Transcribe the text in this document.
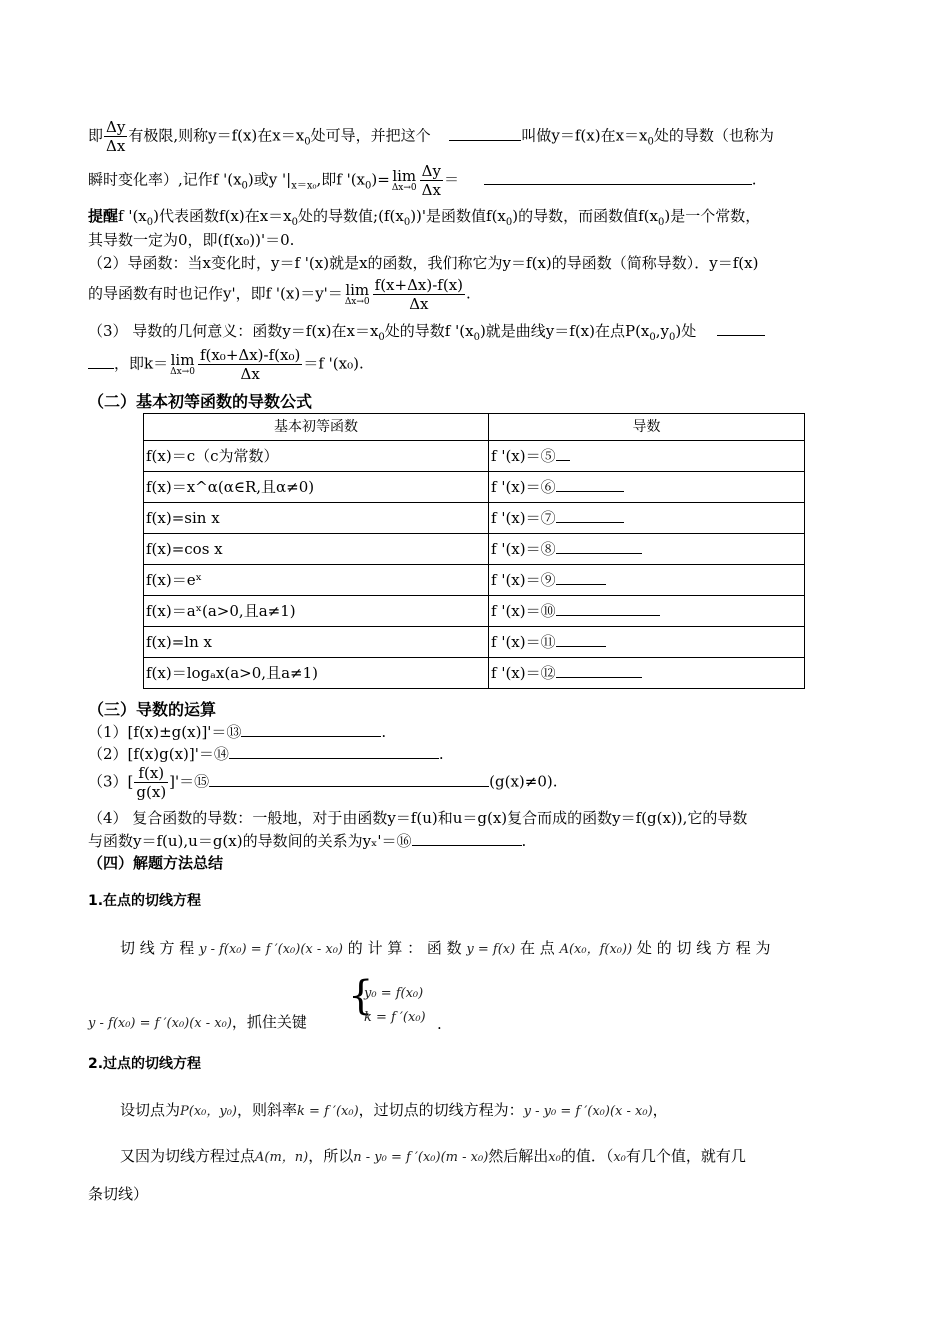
即 $\frac{\Delta y}{\Delta x}$ 有极限,则称y＝f(x)在$x=x_0$处可导，并把这个	叫做y＝f(x)在$x=x_0$处的导数（也称为
瞬时变化率）,记作f '$(x_0)$或y '$|_{x=x_0}$,即f '$(x_0)= \lim$
$\Delta x\to 0 \frac{\Delta y}{\Delta x}$ ＝	.
提醒f '$(x_0)$代表函数f(x)在$x=x_0$处的导数值$;(f(x_0))'$是函数值$f(x_0)$的导数，而函数值$f(x_0)$是一个常数，
其导数一定为0，即(f(x₀))'＝0.
（2）导函数：当x变化时，y＝f '(x)就是x的函数，我们称它为y＝f(x)的导函数（简称导数）．y＝f(x)
的导函数有时也记作y'，即f '(x)＝y'＝ lim
$\Delta x\to 0 \frac{f(x+\Delta x)-f(x)}{\Delta x}$ .
（3） 导数的几何意义：函数y＝f(x)在$x=x_0$处的导数f '$(x_0)$就是曲线y＝f(x)在点$P(x_0,y_0)$处
，即k＝ lim
$\Delta x\to 0 \frac{\text{f(x₀+Δx)-f(x₀)}}{\Delta x} =f$ '(x₀).
（二）基本初等函数的导数公式
基本初等函数	导数
f(x)＝c（c为常数）	f '(x)＝⑤
f(x)＝x^α(α∈R,且α≠0)	f '(x)＝⑥
f(x)=sin x	f '(x)＝⑦
f(x)=cos x	f '(x)＝⑧
f(x)＝eˣ	f '(x)＝⑨
f(x)＝aˣ(a>0,且a≠1)	f '(x)＝⑩
f(x)=ln x	f '(x)＝⑪
f(x)＝logₐx(a>0,且a≠1)	f '(x)＝⑫
（三）导数的运算
（1）[f(x)±g(x)]'＝⑬	.
（2）[f(x)g(x)]'＝⑭	.
$(3)[ \frac{f(x)}{g(x)}$ ]'＝⑮	(g(x)≠0).
（4） 复合函数的导数：一般地，对于由函数y＝f(u)和u＝g(x)复合而成的函数y＝f(g(x)),它的导数
与函数y＝f(u),u＝g(x)的导数间的关系为yₓ'＝⑯	.
（四）解题方法总结
1.在点的切线方程
切 线 方 程 y - f(x₀) = f ′(x₀)(x - x₀) 的 计 算 ： 函 数 y = f(x) 在 点 A(x₀，f(x₀)) 处 的 切 线 方 程 为
{
y₀ = f(x₀)
k = f ′(x₀) .
y - f(x₀) = f ′(x₀)(x - x₀)，抓住关键
2.过点的切线方程
设切点为P(x₀，y₀)，则斜率k = f ′(x₀)，过切点的切线方程为：y - y₀ = f ′(x₀)(x - x₀)，
又因为切线方程过点A(m，n)，所以n - y₀ = f ′(x₀)(m - x₀)然后解出x₀的值．（x₀有几个值，就有几
条切线）
